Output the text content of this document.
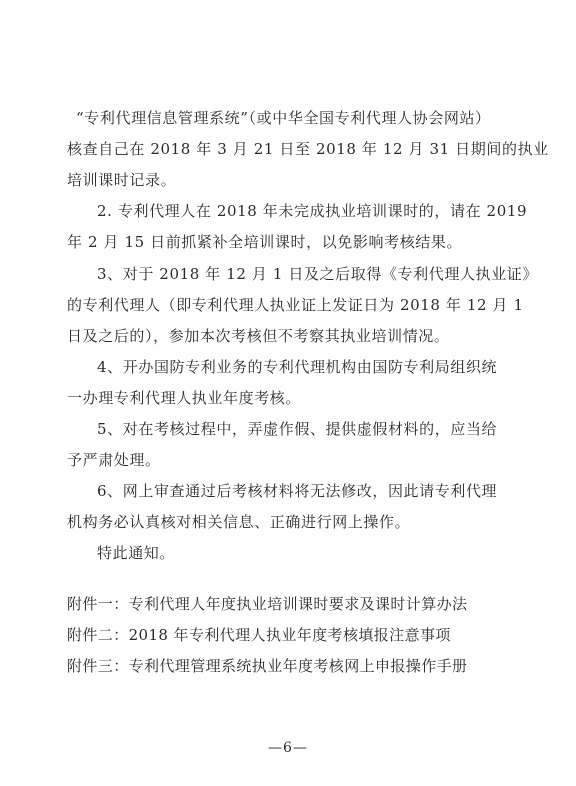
“专利代理信息管理系统”（或中华全国专利代理人协会网站）
核查自己在 2018 年 3 月 21 日至 2018 年 12 月 31 日期间的执业
培训课时记录。
2. 专利代理人在 2018 年未完成执业培训课时的，请在 2019
年 2 月 15 日前抓紧补全培训课时，以免影响考核结果。
3、对于 2018 年 12 月 1 日及之后取得《专利代理人执业证》
的专利代理人（即专利代理人执业证上发证日为 2018 年 12 月 1
日及之后的），参加本次考核但不考察其执业培训情况。
4、开办国防专利业务的专利代理机构由国防专利局组织统
一办理专利代理人执业年度考核。
5、对在考核过程中，弄虚作假、提供虚假材料的，应当给
予严肃处理。
6、网上审查通过后考核材料将无法修改，因此请专利代理
机构务必认真核对相关信息、正确进行网上操作。
特此通知。
附件一：专利代理人年度执业培训课时要求及课时计算办法
附件二：2018 年专利代理人执业年度考核填报注意事项
附件三：专利代理管理系统执业年度考核网上申报操作手册
—6—
